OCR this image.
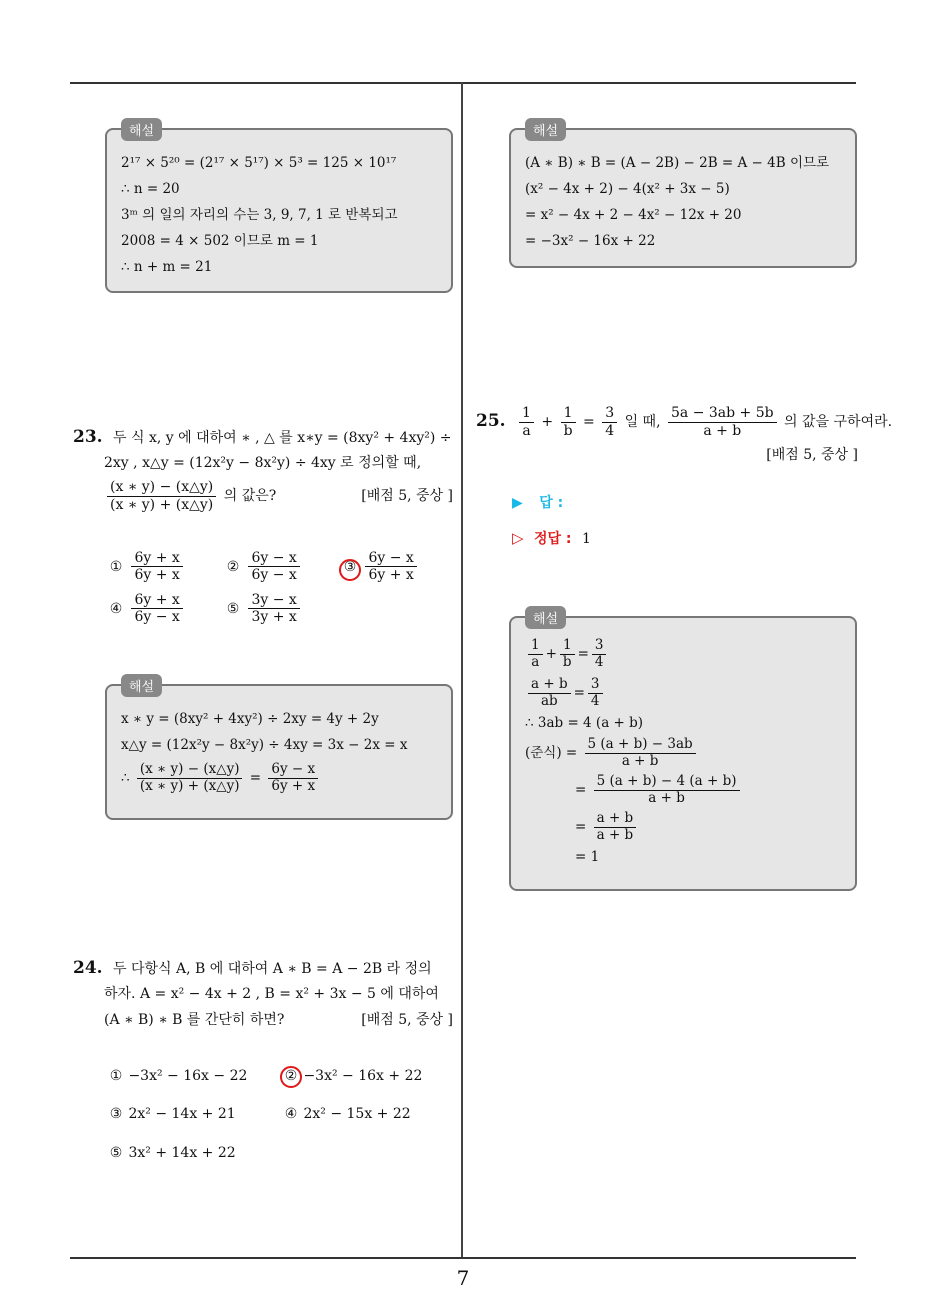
해설
2¹⁷ × 5²⁰ = (2¹⁷ × 5¹⁷) × 5³ = 125 × 10¹⁷
∴ n = 20
3ᵐ 의 일의 자리의 수는 3, 9, 7, 1 로 반복되고
2008 = 4 × 502 이므로 m = 1
∴ n + m = 21
해설
(A ∗ B) ∗ B = (A − 2B) − 2B = A − 4B 이므로
(x² − 4x + 2) − 4(x² + 3x − 5)
= x² − 4x + 2 − 4x² − 12x + 20
= −3x² − 16x + 22
23. 두 식 x, y 에 대하여 ∗ , △ 를 x∗y = (8xy² + 4xy²) ÷
2xy , x△y = (12x²y − 8x²y) ÷ 4xy 로 정의할 때,
$\frac{(x ∗ y) - (x\triangle y)}{(x ∗ y) + (x\triangle y)}$ 의 값은?	[배점 5, 중상 ]
① $\frac{6y + x}{6y + x}$	② $\frac{6y - x}{6y - x}$	③ $\frac{6y - x}{6y + x}$
④ $\frac{6y + x}{6y - x}$	⑤ $\frac{3y - x}{3y + x}$
해설
x ∗ y = (8xy² + 4xy²) ÷ 2xy = 4y + 2y
x△y = (12x²y − 8x²y) ÷ 4xy = 3x − 2x = x
∴ $\frac{(x ∗ y) - (x\triangle y)}{(x ∗ y) + (x\triangle y)} = \frac{6y - x}{6y + x}$
24. 두 다항식 A, B 에 대하여 A ∗ B = A − 2B 라 정의
하자. A = x² − 4x + 2 , B = x² + 3x − 5 에 대하여
(A ∗ B) ∗ B 를 간단히 하면?	[배점 5, 중상 ]
① −3x² − 16x − 22	② −3x² − 16x + 22
③ 2x² − 14x + 21	④ 2x² − 15x + 22
⑤ 3x² + 14x + 22
25. $\frac{1}{a} + \frac{1}{b} = \frac{3}{4}$ 일 때, $\frac{5a - 3ab + 5b}{a + b}$ 의 값을 구하여라.
[배점 5, 중상 ]
▶ 답 :
▷ 정답 : 1
해설
$\frac{1}{a} + \frac{1}{b} = \frac{3}{4}$
$\frac{a + b}{ab} = \frac{3}{4}$
∴ 3ab = 4 (a + b)
(준식) = $\frac{5 (a + b) - 3ab}{a + b}$
= $\frac{5 (a + b) - 4 (a + b)}{a + b}$
= $\frac{a + b}{a + b}$
= 1
7
